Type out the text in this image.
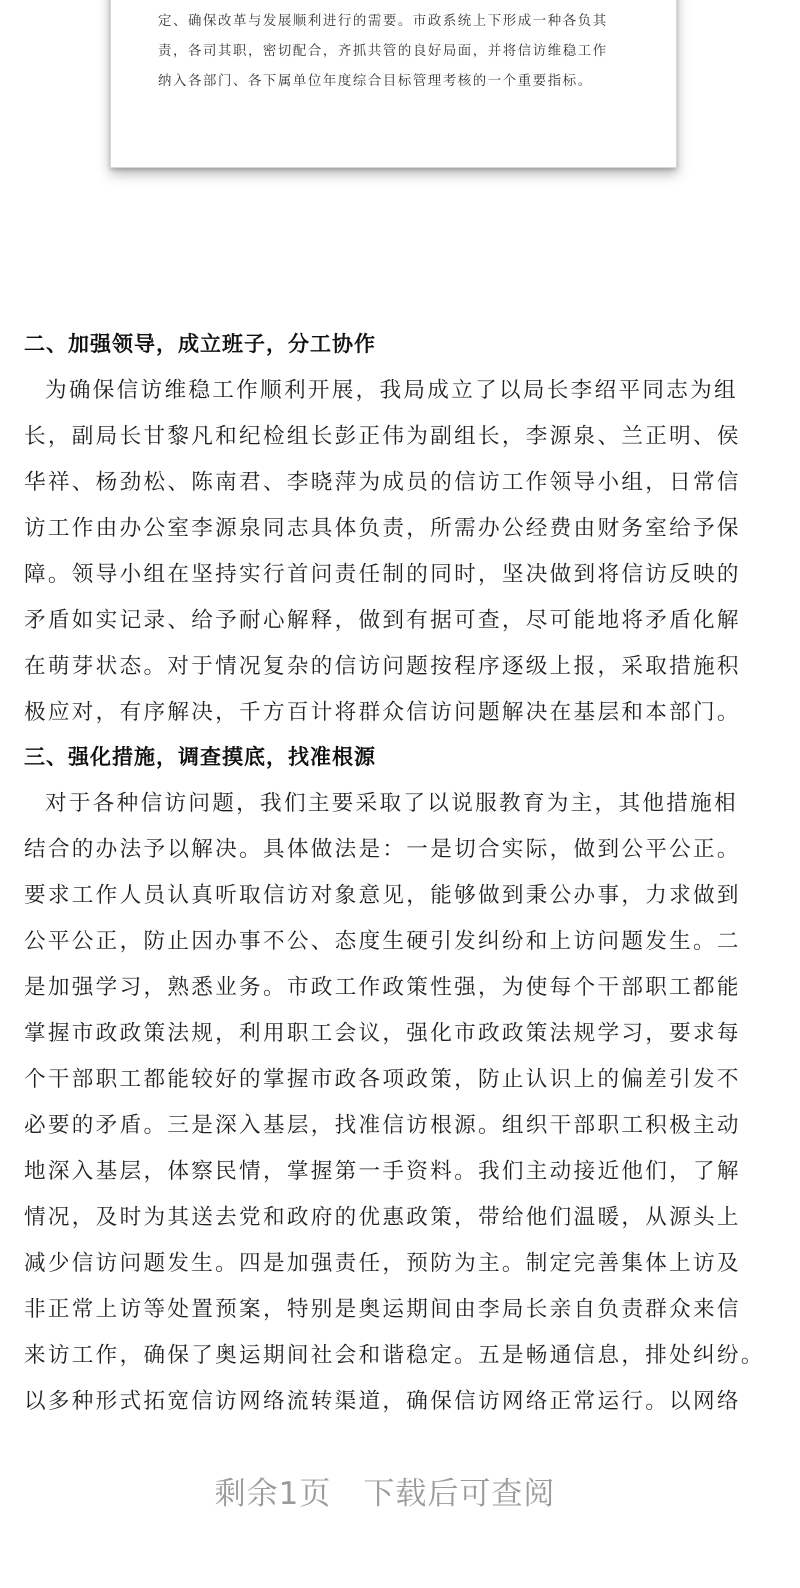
定、确保改革与发展顺利进行的需要。市政系统上下形成一种各负其
责，各司其职，密切配合，齐抓共管的良好局面，并将信访维稳工作
纳入各部门、各下属单位年度综合目标管理考核的一个重要指标。
二、加强领导，成立班子，分工协作
为确保信访维稳工作顺利开展，我局成立了以局长李绍平同志为组
长，副局长甘黎凡和纪检组长彭正伟为副组长，李源泉、兰正明、侯
华祥、杨劲松、陈南君、李晓萍为成员的信访工作领导小组，日常信
访工作由办公室李源泉同志具体负责，所需办公经费由财务室给予保
障。领导小组在坚持实行首问责任制的同时，坚决做到将信访反映的
矛盾如实记录、给予耐心解释，做到有据可查，尽可能地将矛盾化解
在萌芽状态。对于情况复杂的信访问题按程序逐级上报，采取措施积
极应对，有序解决，千方百计将群众信访问题解决在基层和本部门。
三、强化措施，调查摸底，找准根源
对于各种信访问题，我们主要采取了以说服教育为主，其他措施相
结合的办法予以解决。具体做法是：一是切合实际，做到公平公正。
要求工作人员认真听取信访对象意见，能够做到秉公办事，力求做到
公平公正，防止因办事不公、态度生硬引发纠纷和上访问题发生。二
是加强学习，熟悉业务。市政工作政策性强，为使每个干部职工都能
掌握市政政策法规，利用职工会议，强化市政政策法规学习，要求每
个干部职工都能较好的掌握市政各项政策，防止认识上的偏差引发不
必要的矛盾。三是深入基层，找准信访根源。组织干部职工积极主动
地深入基层，体察民情，掌握第一手资料。我们主动接近他们，了解
情况，及时为其送去党和政府的优惠政策，带给他们温暖，从源头上
减少信访问题发生。四是加强责任，预防为主。制定完善集体上访及
非正常上访等处置预案，特别是奥运期间由李局长亲自负责群众来信
来访工作，确保了奥运期间社会和谐稳定。五是畅通信息，排处纠纷。
以多种形式拓宽信访网络流转渠道，确保信访网络正常运行。以网络
剩余1页　下载后可查阅
